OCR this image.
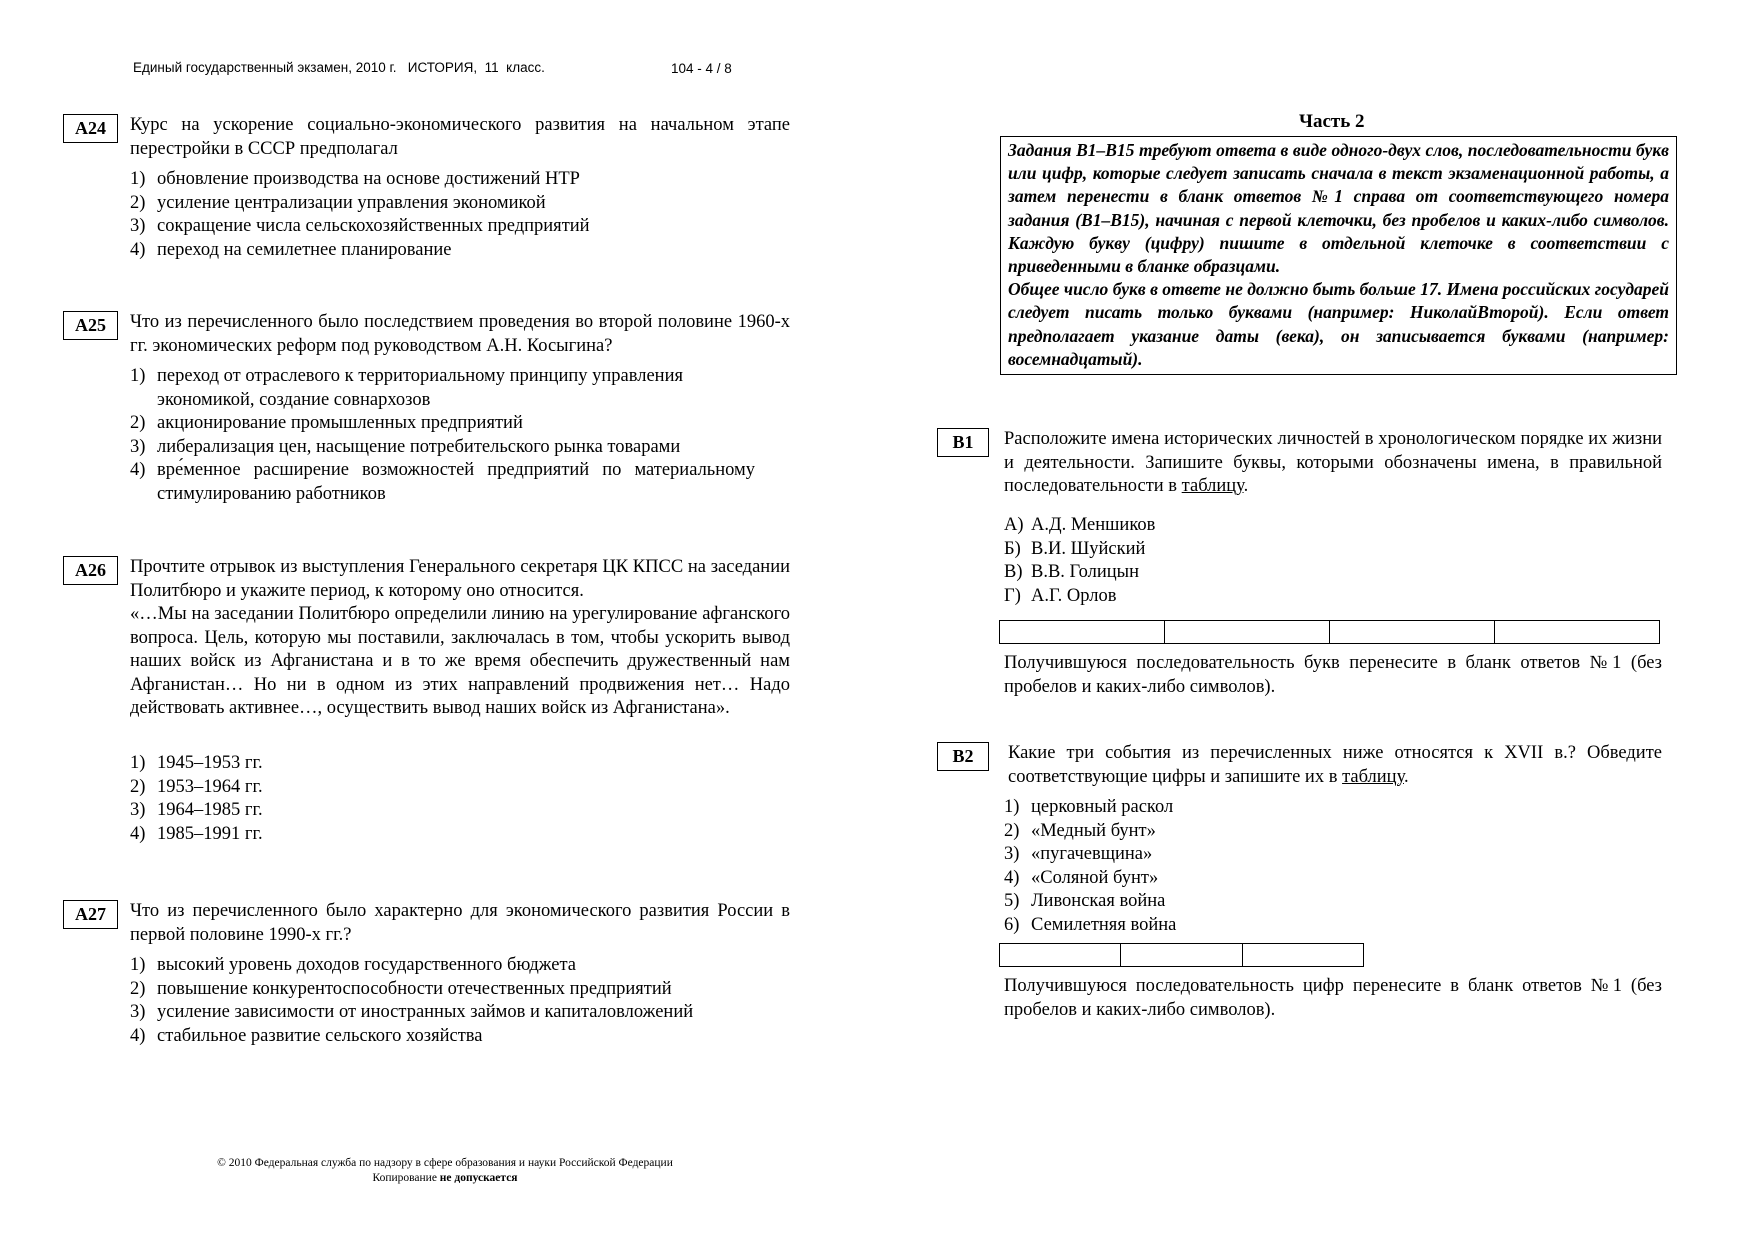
Единый государственный экзамен, 2010 г.   ИСТОРИЯ,  11  класс.	104 - 4 / 8
A24	Курс на ускорение социально-экономического развития на начальном этапе перестройки в СССР предполагал
1) обновление производства на основе достижений НТР
2) усиление централизации управления экономикой
3) сокращение числа сельскохозяйственных предприятий
4) переход на семилетнее планирование
A25	Что из перечисленного было последствием проведения во второй половине 1960-х гг. экономических реформ под руководством А.Н. Косыгина?
1) переход от отраслевого к территориальному принципу управления экономикой, создание совнархозов
2) акционирование промышленных предприятий
3) либерализация цен, насыщение потребительского рынка товарами
4) вре́менное расширение возможностей предприятий по материальному стимулированию работников
A26	Прочтите отрывок из выступления Генерального секретаря ЦК КПСС на заседании Политбюро и укажите период, к которому оно относится.
«…Мы на заседании Политбюро определили линию на урегулирование афганского вопроса. Цель, которую мы поставили, заключалась в том, чтобы ускорить вывод наших войск из Афганистана и в то же время обеспечить дружественный нам Афганистан… Но ни в одном из этих направлений продвижения нет… Надо действовать активнее…, осуществить вывод наших войск из Афганистана».
1) 1945–1953 гг.
2) 1953–1964 гг.
3) 1964–1985 гг.
4) 1985–1991 гг.
A27	Что из перечисленного было характерно для экономического развития России в первой половине 1990-х гг.?
1) высокий уровень доходов государственного бюджета
2) повышение конкурентоспособности отечественных предприятий
3) усиление зависимости от иностранных займов и капиталовложений
4) стабильное развитие сельского хозяйства
Часть 2

Задания В1–В15 требуют ответа в виде одного-двух слов, последовательности букв или цифр, которые следует записать сначала в текст экзаменационной работы, а затем перенести в бланк ответов №1 справа от соответствующего номера задания (В1–В15), начиная с первой клеточки, без пробелов и каких-либо символов. Каждую букву (цифру) пишите в отдельной клеточке в соответствии с приведенными в бланке образцами.

Общее число букв в ответе не должно быть больше 17. Имена российских государей следует писать только буквами (например: НиколайВторой). Если ответ предполагает указание даты (века), он записывается буквами (например: восемнадцатый).

B1	Расположите имена исторических личностей в хронологическом порядке их жизни и деятельности. Запишите буквы, которыми обозначены имена, в правильной последовательности в таблицу.
А) А.Д. Меншиков
Б) В.И. Шуйский
В) В.В. Голицын
Г) А.Г. Орлов

Получившуюся последовательность букв перенесите в бланк ответов №1 (без пробелов и каких-либо символов).
B2	Какие три события из перечисленных ниже относятся к XVII в.? Обведите соответствующие цифры и запишите их в таблицу.
1) церковный раскол
2) «Медный бунт»
3) «пугачевщина»
4) «Соляной бунт»
5) Ливонская война
6) Семилетняя война

Получившуюся последовательность цифр перенесите в бланк ответов №1 (без пробелов и каких-либо символов).
© 2010 Федеральная служба по надзору в сфере образования и науки Российской Федерации
Копирование не допускается
